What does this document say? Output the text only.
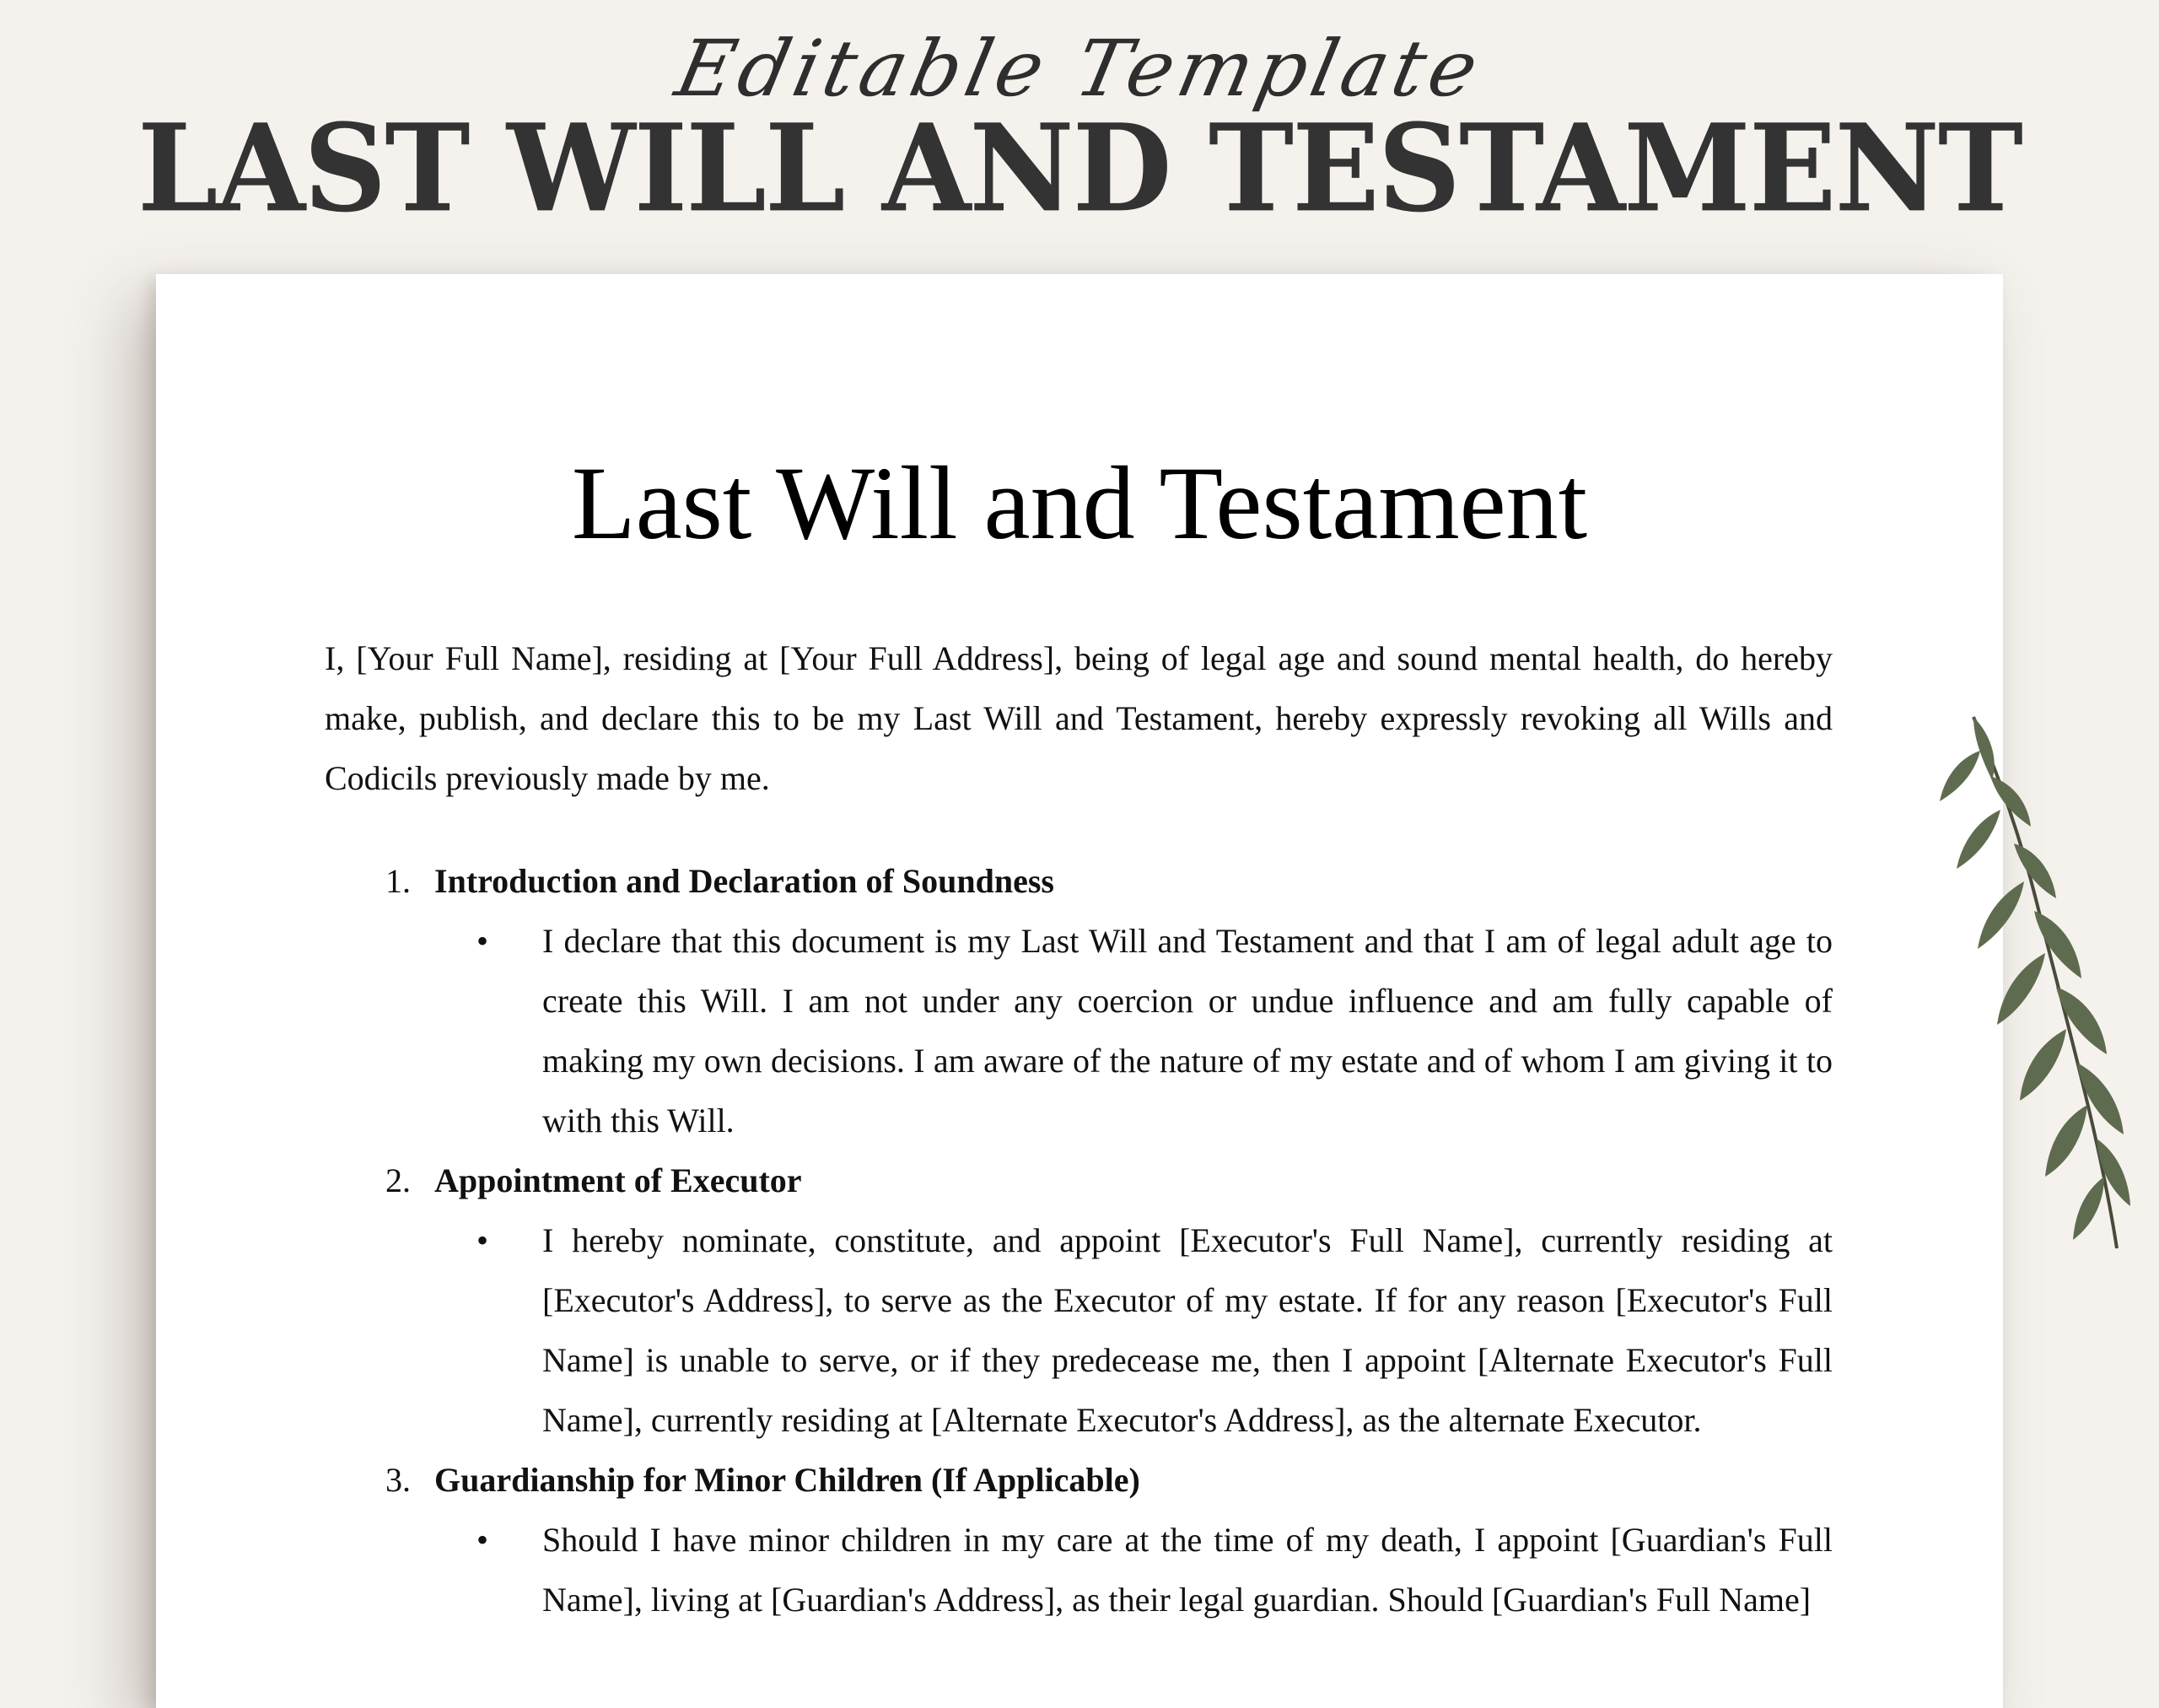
Editable Template
LAST WILL AND TESTAMENT
Last Will and Testament

I, [Your Full Name], residing at [Your Full Address], being of legal age and sound mental health, do hereby make, publish, and declare this to be my Last Will and Testament, hereby expressly revoking all Wills and Codicils previously made by me.

1. Introduction and Declaration of Soundness
•	I declare that this document is my Last Will and Testament and that I am of legal adult age to create this Will. I am not under any coercion or undue influence and am fully capable of making my own decisions. I am aware of the nature of my estate and of whom I am giving it to with this Will.
2. Appointment of Executor
•	I hereby nominate, constitute, and appoint [Executor's Full Name], currently residing at [Executor's Address], to serve as the Executor of my estate. If for any reason [Executor's Full Name] is unable to serve, or if they predecease me, then I appoint [Alternate Executor's Full Name], currently residing at [Alternate Executor's Address], as the alternate Executor.
3. Guardianship for Minor Children (If Applicable)
•	Should I have minor children in my care at the time of my death, I appoint [Guardian's Full Name], living at [Guardian's Address], as their legal guardian. Should [Guardian's Full Name]
